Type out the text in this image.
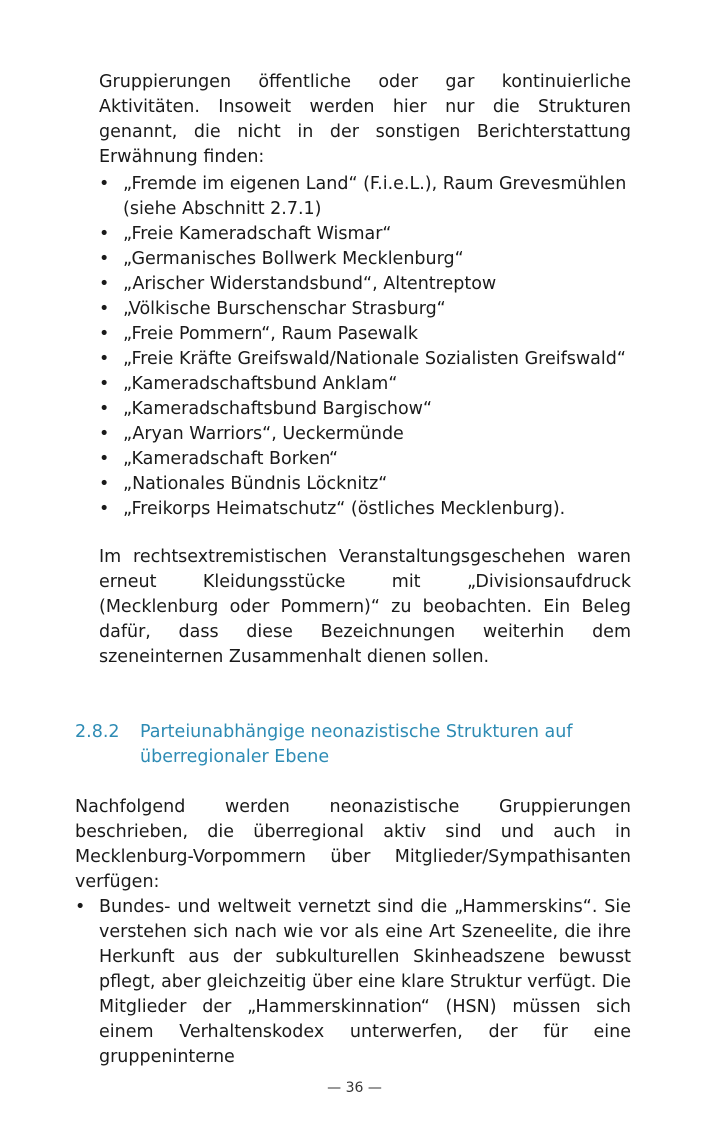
Gruppierungen öffentliche oder gar kontinuierliche Aktivitäten. Insoweit werden hier nur die Strukturen genannt, die nicht in der sonstigen Berichterstattung Erwähnung finden:

• „Fremde im eigenen Land“ (F.i.e.L.), Raum Grevesmühlen (siehe Abschnitt 2.7.1)
• „Freie Kameradschaft Wismar“
• „Germanisches Bollwerk Mecklenburg“
• „Arischer Widerstandsbund“, Altentreptow
• „Völkische Burschenschar Strasburg“
• „Freie Pommern“, Raum Pasewalk
• „Freie Kräfte Greifswald/Nationale Sozialisten Greifswald“
• „Kameradschaftsbund Anklam“
• „Kameradschaftsbund Bargischow“
• „Aryan Warriors“, Ueckermünde
• „Kameradschaft Borken“
• „Nationales Bündnis Löcknitz“
• „Freikorps Heimatschutz“ (östliches Mecklenburg).

Im rechtsextremistischen Veranstaltungsgeschehen waren erneut Kleidungsstücke mit „Divisionsaufdruck (Mecklenburg oder Pommern)“ zu beobachten. Ein Beleg dafür, dass diese Bezeichnungen weiterhin dem szeneinternen Zusammenhalt dienen sollen.

2.8.2 Parteiunabhängige neonazistische Strukturen auf überregionaler Ebene

Nachfolgend werden neonazistische Gruppierungen beschrieben, die überregional aktiv sind und auch in Mecklenburg-Vorpommern über Mitglieder/Sympathisanten verfügen:

• Bundes- und weltweit vernetzt sind die „Hammerskins“. Sie verstehen sich nach wie vor als eine Art Szeneelite, die ihre Herkunft aus der subkulturellen Skinheadszene bewusst pflegt, aber gleichzeitig über eine klare Struktur verfügt. Die Mitglieder der „Hammerskinnation“ (HSN) müssen sich einem Verhaltenskodex unterwerfen, der für eine gruppeninterne
— 36 —
